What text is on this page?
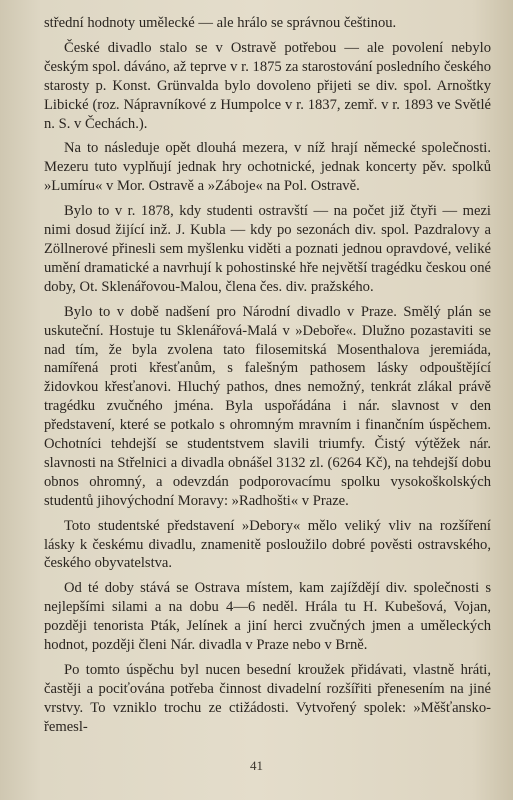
střední hodnoty umělecké — ale hrálo se správnou češtinou.

České divadlo stalo se v Ostravě potřebou — ale povolení nebylo českým spol. dáváno, až teprve v r. 1875 za starostování posledního českého starosty p. Konst. Grünvalda bylo dovoleno přijeti se div. spol. Arnoštky Libické (roz. Nápravníkové z Humpolce v r. 1837, zemř. v r. 1893 ve Světlé n. S. v Čechách.).

Na to následuje opět dlouhá mezera, v níž hrají německé společnosti. Mezeru tuto vyplňují jednak hry ochotnické, jednak koncerty pěv. spolků »Lumíru« v Mor. Ostravě a »Záboje« na Pol. Ostravě.

Bylo to v r. 1878, kdy studenti ostravští — na počet již čtyři — mezi nimi dosud žijící inž. J. Kubla — kdy po sezonách div. spol. Pazdralovy a Zöllnerové přinesli sem myšlenku viděti a poznati jednou opravdové, veliké umění dramatické a navrhují k pohostinské hře největší tragédku českou oné doby, Ot. Sklenářovou-Malou, člena čes. div. pražského.

Bylo to v době nadšení pro Národní divadlo v Praze. Smělý plán se uskuteční. Hostuje tu Sklenářová-Malá v »Deboře«. Dlužno pozastaviti se nad tím, že byla zvolena tato filosemitská Mosenthalova jeremiáda, namířená proti křesťanům, s falešným pathosem lásky odpouštějící židovkou křesťanovi. Hluchý pathos, dnes nemožný, tenkrát zlákal právě tragédku zvučného jména. Byla uspořádána i nár. slavnost v den představení, které se potkalo s ohromným mravním i finančním úspěchem. Ochotníci tehdejší se studentstvem slavili triumfy. Čistý výtěžek nár. slavnosti na Střelnici a divadla obnášel 3132 zl. (6264 Kč), na tehdejší dobu obnos ohromný, a odevzdán podporovacímu spolku vysokoškolských studentů jihovýchodní Moravy: »Radhošti« v Praze.

Toto studentské představení »Debory« mělo veliký vliv na rozšíření lásky k českému divadlu, znamenitě posloužilo dobré pověsti ostravského, českého obyvatelstva.

Od té doby stává se Ostrava místem, kam zajíždějí div. společnosti s nejlepšími silami a na dobu 4—6 neděl. Hrála tu H. Kubešová, Vojan, později tenorista Pták, Jelínek a jiní herci zvučných jmen a uměleckých hodnot, později členi Nár. divadla v Praze nebo v Brně.

Po tomto úspěchu byl nucen besední kroužek přidávati, vlastně hráti, častěji a pociťována potřeba činnost divadelní rozšířiti přenesením na jiné vrstvy. To vzniklo trochu ze ctižádosti. Vytvořený spolek: »Měšťansko-řemesl-

41
